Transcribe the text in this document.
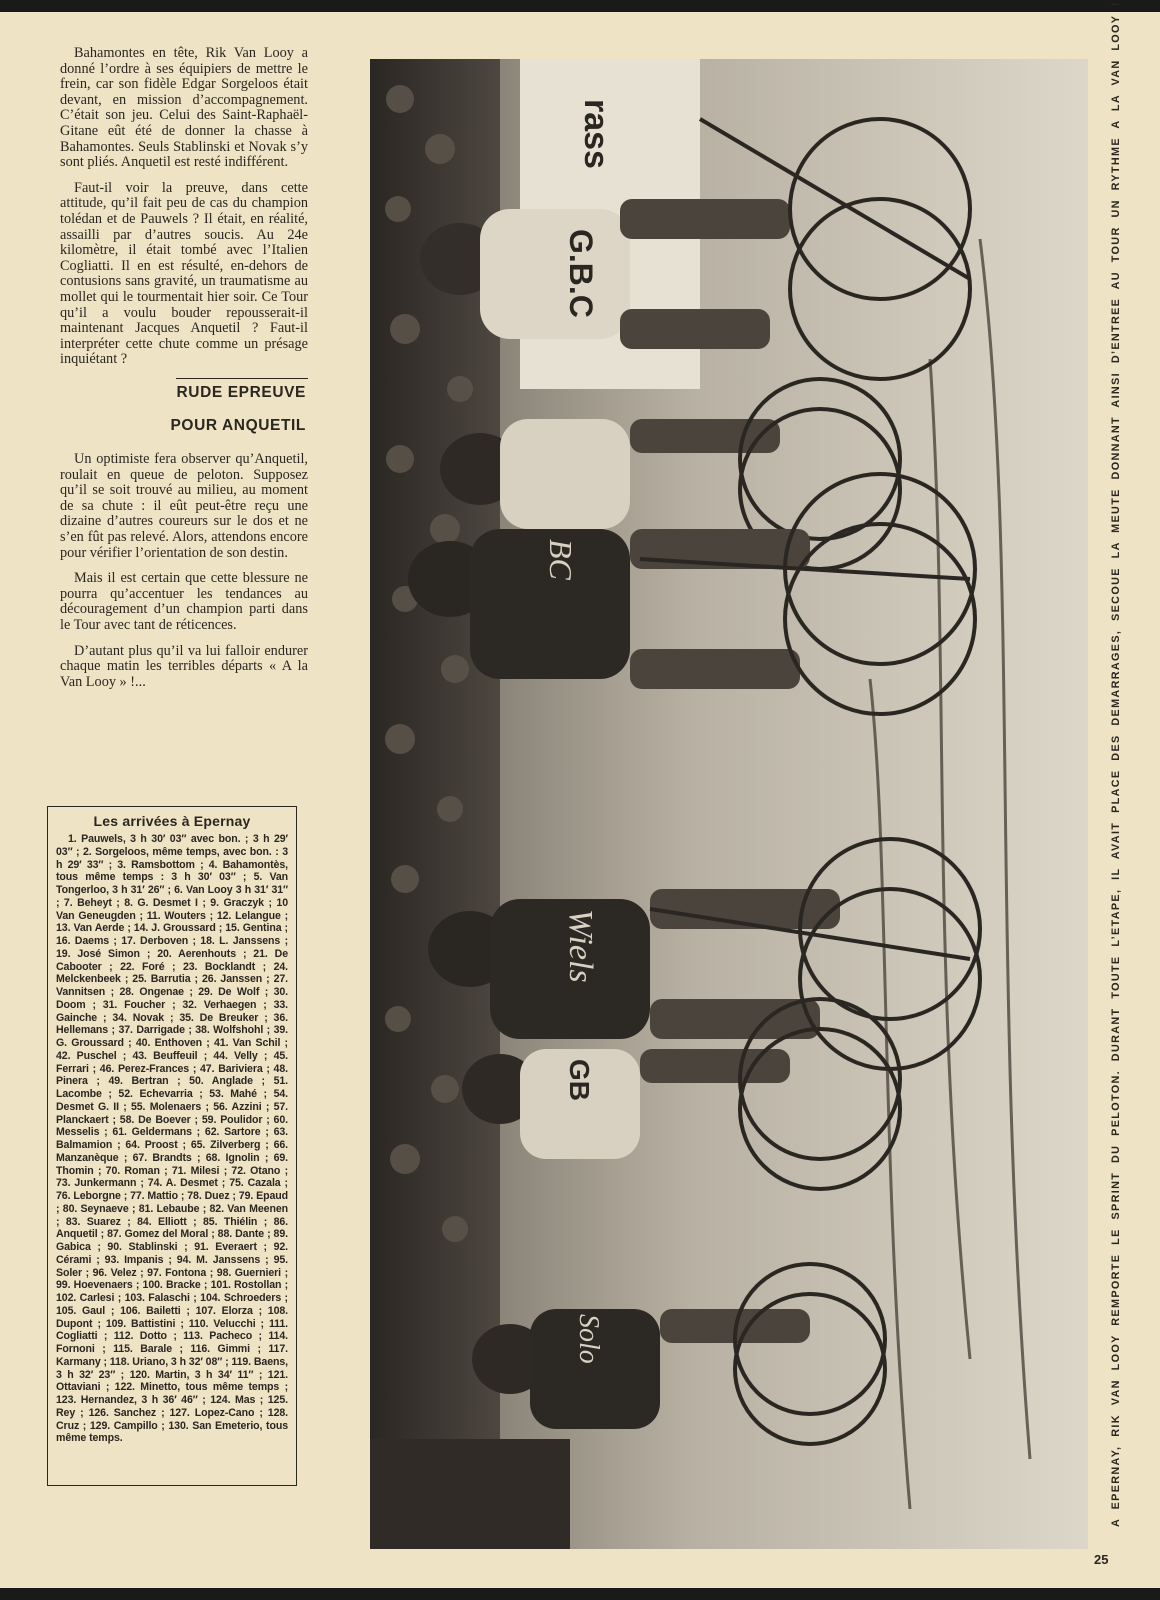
Bahamontes en tête, Rik Van Looy a donné l’ordre à ses équipiers de mettre le frein, car son fidèle Edgar Sorgeloos était devant, en mission d’accompagnement. C’était son jeu. Celui des Saint-Raphaël-Gitane eût été de donner la chasse à Bahamontes. Seuls Stablinski et Novak s’y sont pliés. Anquetil est resté indifférent.

Faut-il voir la preuve, dans cette attitude, qu’il fait peu de cas du champion tolédan et de Pauwels ? Il était, en réalité, assailli par d’autres soucis. Au 24e kilomètre, il était tombé avec l’Italien Cogliatti. Il en est résulté, en-dehors de contusions sans gravité, un traumatisme au mollet qui le tourmentait hier soir. Ce Tour qu’il a voulu bouder repousserait-il maintenant Jacques Anquetil ? Faut-il interpréter cette chute comme un présage inquiétant ?

RUDE EPREUVE
POUR ANQUETIL

Un optimiste fera observer qu’Anquetil, roulait en queue de peloton. Supposez qu’il se soit trouvé au milieu, au moment de sa chute : il eût peut-être reçu une dizaine d’autres coureurs sur le dos et ne s’en fût pas relevé. Alors, attendons encore pour vérifier l’orientation de son destin.

Mais il est certain que cette blessure ne pourra qu’accentuer les tendances au découragement d’un champion parti dans le Tour avec tant de réticences.

D’autant plus qu’il va lui falloir endurer chaque matin les terribles départs « A la Van Looy » !...

Les arrivées à Epernay
1. Pauwels, 3 h 30′ 03″ avec bon. ; 3 h 29′ 03″ ; 2. Sorgeloos, même temps, avec bon. : 3 h 29′ 33″ ; 3. Ramsbottom ; 4. Bahamontès, tous même temps : 3 h 30′ 03″ ; 5. Van Tongerloo, 3 h 31′ 26″ ; 6. Van Looy 3 h 31′ 31″ ; 7. Beheyt ; 8. G. Desmet I ; 9. Graczyk ; 10 Van Geneugden ; 11. Wouters ; 12. Lelangue ; 13. Van Aerde ; 14. J. Groussard ; 15. Gentina ; 16. Daems ; 17. Derboven ; 18. L. Janssens ; 19. José Simon ; 20. Aerenhouts ; 21. De Cabooter ; 22. Foré ; 23. Bocklandt ; 24. Melckenbeek ; 25. Barrutia ; 26. Janssen ; 27. Vannitsen ; 28. Ongenae ; 29. De Wolf ; 30. Doom ; 31. Foucher ; 32. Verhaegen ; 33. Gainche ; 34. Novak ; 35. De Breuker ; 36. Hellemans ; 37. Darrigade ; 38. Wolfshohl ; 39. G. Groussard ; 40. Enthoven ; 41. Van Schil ; 42. Puschel ; 43. Beuffeuil ; 44. Velly ; 45. Ferrari ; 46. Perez-Frances ; 47. Bariviera ; 48. Pinera ; 49. Bertran ; 50. Anglade ; 51. Lacombe ; 52. Echevarria ; 53. Mahé ; 54. Desmet G. II ; 55. Molenaers ; 56. Azzini ; 57. Planckaert ; 58. De Boever ; 59. Poulidor ; 60. Messelis ; 61. Geldermans ; 62. Sartore ; 63. Balmamion ; 64. Proost ; 65. Zilverberg ; 66. Manzanèque ; 67. Brandts ; 68. Ignolin ; 69. Thomin ; 70. Roman ; 71. Milesi ; 72. Otano ; 73. Junkermann ; 74. A. Desmet ; 75. Cazala ; 76. Leborgne ; 77. Mattio ; 78. Duez ; 79. Epaud ; 80. Seynaeve ; 81. Lebaube ; 82. Van Meenen ; 83. Suarez ; 84. Elliott ; 85. Thiélin ; 86. Anquetil ; 87. Gomez del Moral ; 88. Dante ; 89. Gabica ; 90. Stablinski ; 91. Everaert ; 92. Cérami ; 93. Impanis ; 94. M. Janssens ; 95. Soler ; 96. Velez ; 97. Fontona ; 98. Guernieri ; 99. Hoevenaers ; 100. Bracke ; 101. Rostollan ; 102. Carlesi ; 103. Falaschi ; 104. Schroeders ; 105. Gaul ; 106. Bailetti ; 107. Elorza ; 108. Dupont ; 109. Battistini ; 110. Velucchi ; 111. Cogliatti ; 112. Dotto ; 113. Pacheco ; 114. Fornoni ; 115. Barale ; 116. Gimmi ; 117. Karmany ; 118. Uriano, 3 h 32′ 08″ ; 119. Baens, 3 h 32′ 23″ ; 120. Martin, 3 h 34′ 11″ ; 121. Ottaviani ; 122. Minetto, tous même temps ; 123. Hernandez, 3 h 36′ 46″ ; 124. Mas ; 125. Rey ; 126. Sanchez ; 127. Lopez-Cano ; 128. Cruz ; 129. Campillo ; 130. San Emeterio, tous même temps.
rass
G.B.C
BC
Wiels
GB
Solo	A EPERNAY, RIK VAN LOOY REMPORTE LE SPRINT DU PELOTON. DURANT TOUTE L’ETAPE, IL AVAIT PLACE DES DEMARRAGES, SECOUE LA MEUTE DONNANT AINSI D’ENTREE AU TOUR UN RYTHME A LA VAN LOOY !
25
